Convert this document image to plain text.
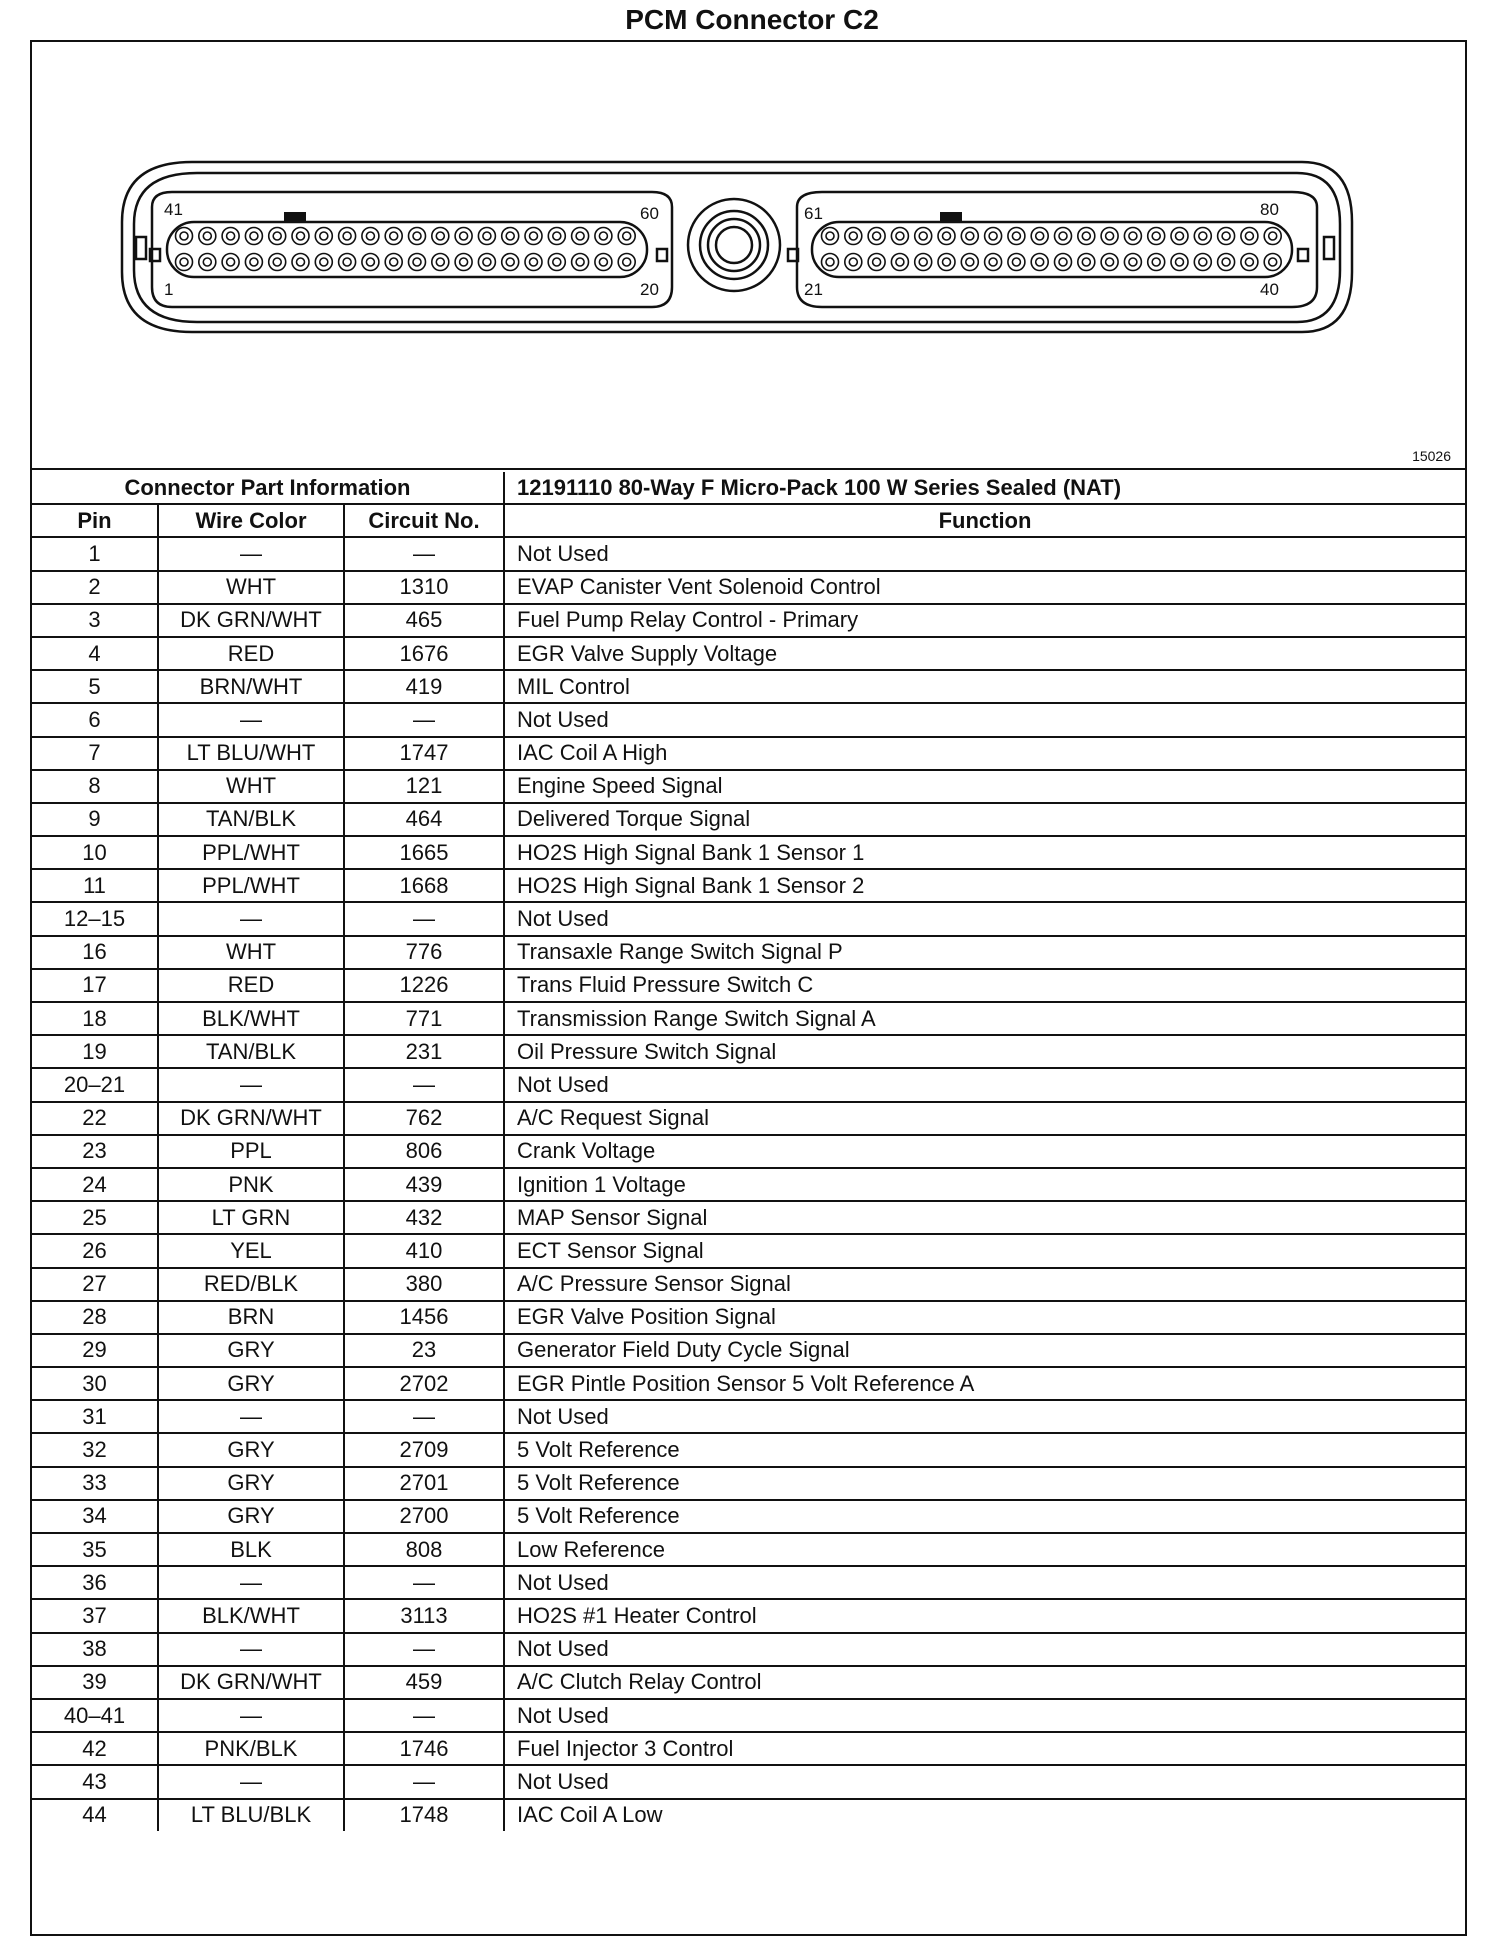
PCM Connector C2
41	60
1	20
61	80
21	40
15026
Connector Part Information			12191110 80-Way F Micro-Pack 100 W Series Sealed (NAT)
Pin	Wire Color	Circuit No.	Function
1	—	—	Not Used
2	WHT	1310	EVAP Canister Vent Solenoid Control
3	DK GRN/WHT	465	Fuel Pump Relay Control - Primary
4	RED	1676	EGR Valve Supply Voltage
5	BRN/WHT	419	MIL Control
6	—	—	Not Used
7	LT BLU/WHT	1747	IAC Coil A High
8	WHT	121	Engine Speed Signal
9	TAN/BLK	464	Delivered Torque Signal
10	PPL/WHT	1665	HO2S High Signal Bank 1 Sensor 1
11	PPL/WHT	1668	HO2S High Signal Bank 1 Sensor 2
12–15	—	—	Not Used
16	WHT	776	Transaxle Range Switch Signal P
17	RED	1226	Trans Fluid Pressure Switch C
18	BLK/WHT	771	Transmission Range Switch Signal A
19	TAN/BLK	231	Oil Pressure Switch Signal
20–21	—	—	Not Used
22	DK GRN/WHT	762	A/C Request Signal
23	PPL	806	Crank Voltage
24	PNK	439	Ignition 1 Voltage
25	LT GRN	432	MAP Sensor Signal
26	YEL	410	ECT Sensor Signal
27	RED/BLK	380	A/C Pressure Sensor Signal
28	BRN	1456	EGR Valve Position Signal
29	GRY	23	Generator Field Duty Cycle Signal
30	GRY	2702	EGR Pintle Position Sensor 5 Volt Reference A
31	—	—	Not Used
32	GRY	2709	5 Volt Reference
33	GRY	2701	5 Volt Reference
34	GRY	2700	5 Volt Reference
35	BLK	808	Low Reference
36	—	—	Not Used
37	BLK/WHT	3113	HO2S #1 Heater Control
38	—	—	Not Used
39	DK GRN/WHT	459	A/C Clutch Relay Control
40–41	—	—	Not Used
42	PNK/BLK	1746	Fuel Injector 3 Control
43	—	—	Not Used
44	LT BLU/BLK	1748	IAC Coil A Low
